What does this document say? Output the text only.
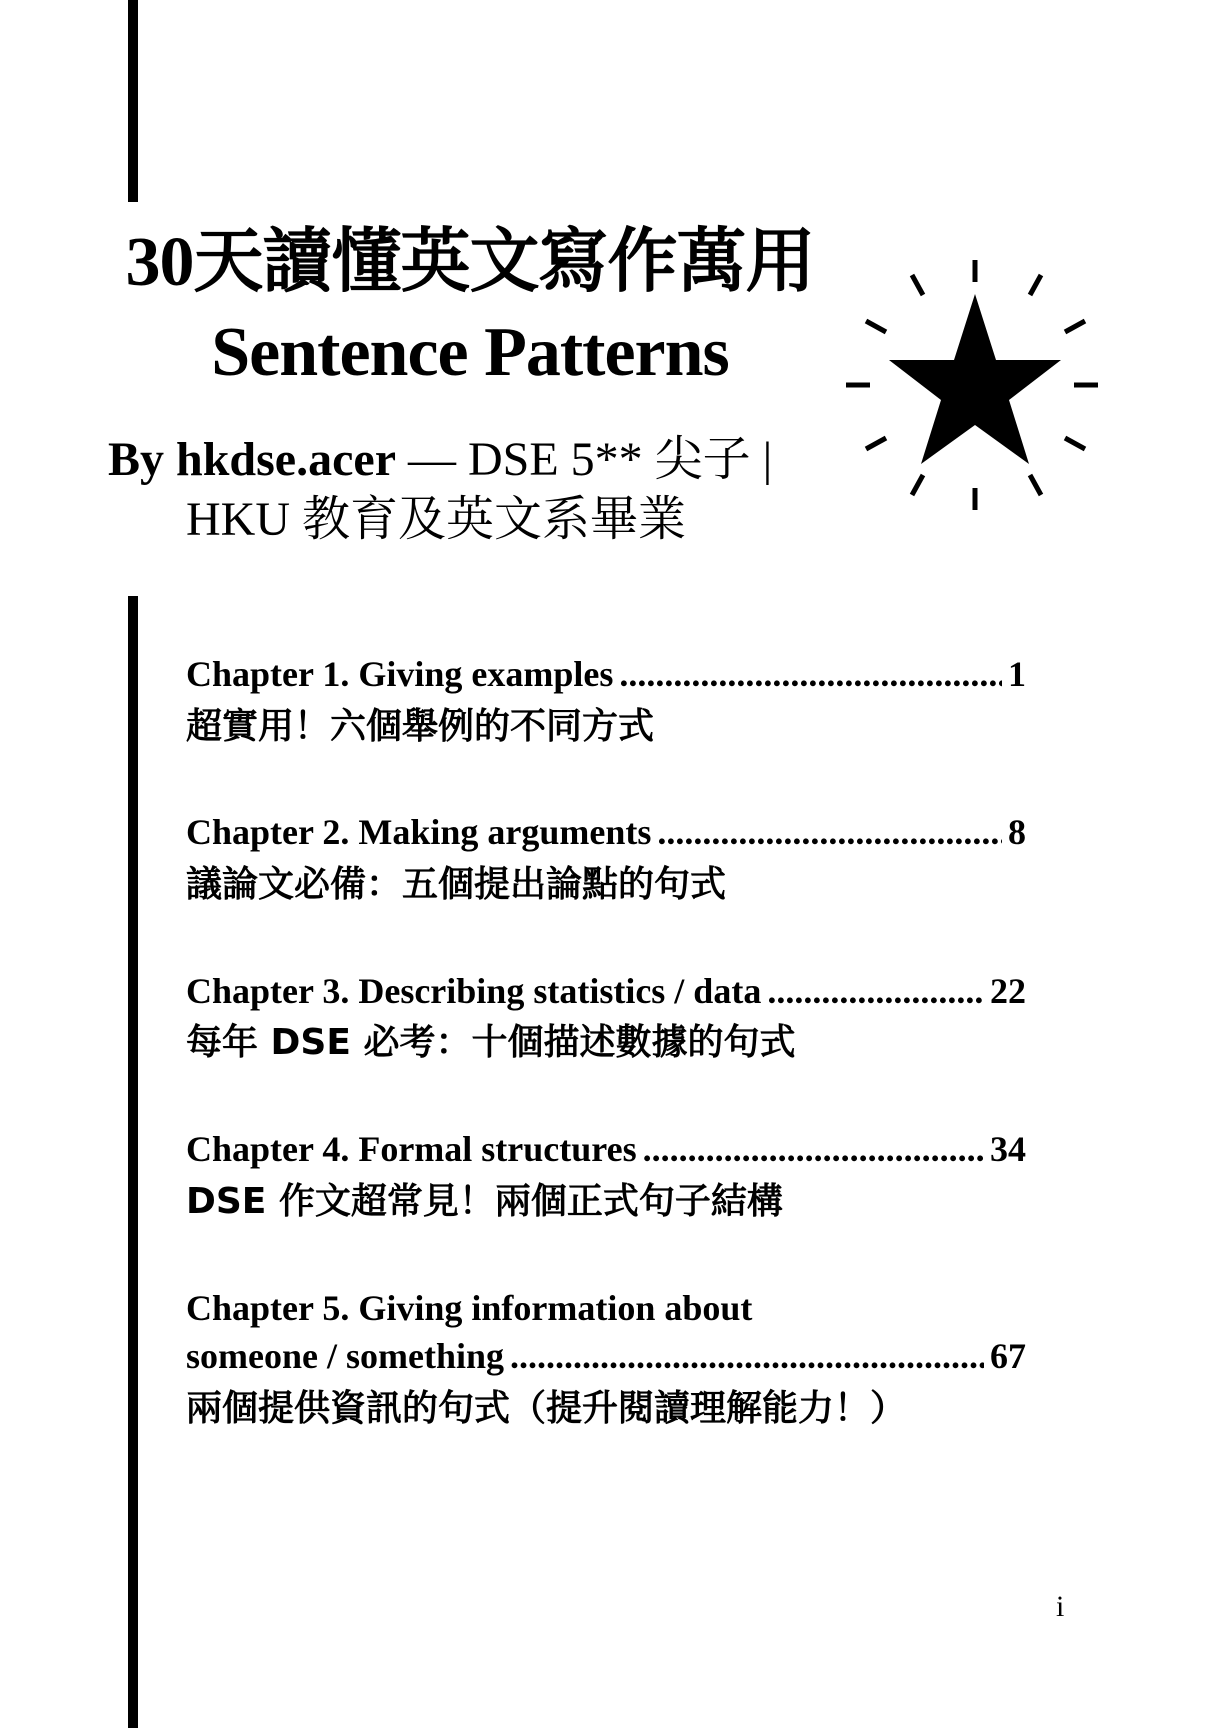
30天讀懂英文寫作萬用
Sentence Patterns
By hkdse.acer — DSE 5** 尖子 |
HKU 教育及英文系畢業
Chapter 1. Giving examples .....	1
超實用！六個舉例的不同方式
Chapter 2. Making arguments .....	8
議論文必備：五個提出論點的句式
Chapter 3. Describing statistics / data .....	22
每年 DSE 必考：十個描述數據的句式
Chapter 4. Formal structures .....	34
DSE 作文超常見！兩個正式句子結構
Chapter 5. Giving information about
someone / something .....	67
兩個提供資訊的句式（提升閱讀理解能力！）
i
